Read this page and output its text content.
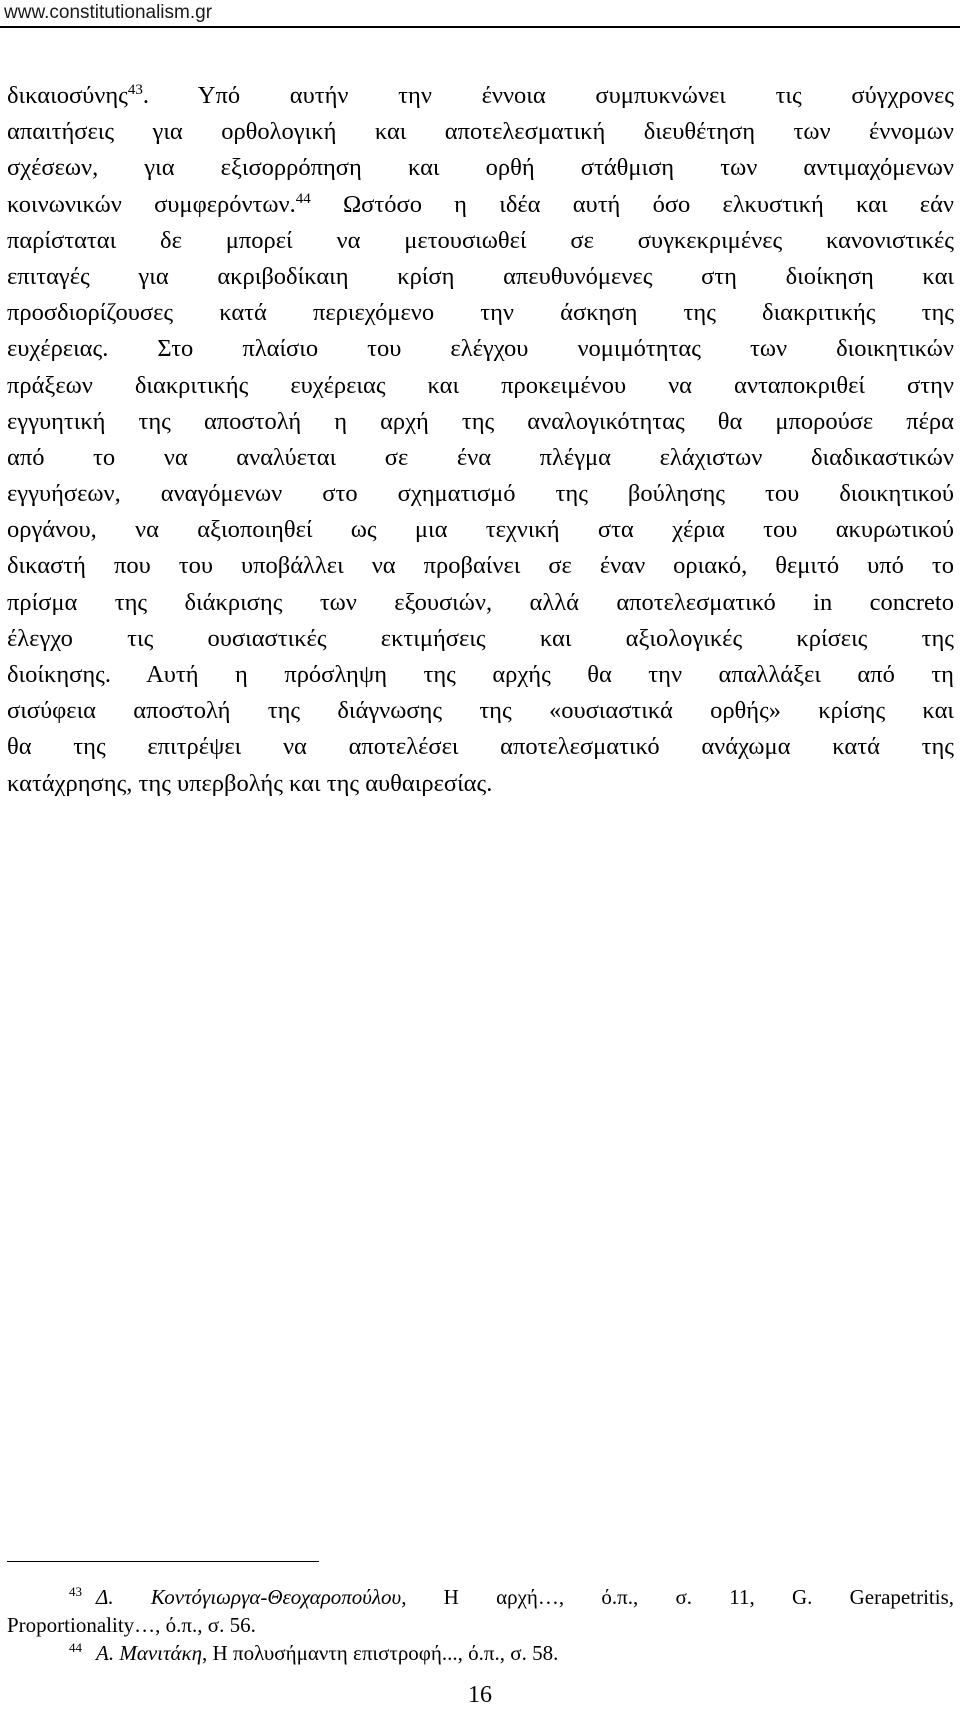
www.constitutionalism.gr
δικαιοσύνης$^{43}$. Υπό αυτήν την έννοια συμπυκνώνει τις σύγχρονες
απαιτήσεις για ορθολογική και αποτελεσματική διευθέτηση των έννομων
σχέσεων, για εξισορρόπηση και ορθή στάθμιση των αντιμαχόμενων
κοινωνικών συμφερόντων.$^{44}$ Ωστόσο η ιδέα αυτή όσο ελκυστική και εάν
παρίσταται δε μπορεί να μετουσιωθεί σε συγκεκριμένες κανονιστικές
επιταγές για ακριβοδίκαιη κρίση απευθυνόμενες στη διοίκηση και
προσδιορίζουσες κατά περιεχόμενο την άσκηση της διακριτικής της
ευχέρειας. Στο πλαίσιο του ελέγχου νομιμότητας των διοικητικών
πράξεων διακριτικής ευχέρειας και προκειμένου να ανταποκριθεί στην
εγγυητική της αποστολή η αρχή της αναλογικότητας θα μπορούσε πέρα
από το να αναλύεται σε ένα πλέγμα ελάχιστων διαδικαστικών
εγγυήσεων, αναγόμενων στο σχηματισμό της βούλησης του διοικητικού
οργάνου, να αξιοποιηθεί ως μια τεχνική στα χέρια του ακυρωτικού
δικαστή που του υποβάλλει να προβαίνει σε έναν οριακό, θεμιτό υπό το
πρίσμα της διάκρισης των εξουσιών, αλλά αποτελεσματικό in concreto
έλεγχο τις ουσιαστικές εκτιμήσεις και αξιολογικές κρίσεις της
διοίκησης. Αυτή η πρόσληψη της αρχής θα την απαλλάξει από τη
σισύφεια αποστολή της διάγνωσης της «ουσιαστικά ορθής» κρίσης και
θα της επιτρέψει να αποτελέσει αποτελεσματικό ανάχωμα κατά της
κατάχρησης, της υπερβολής και της αυθαιρεσίας.
$^{43}$ Δ. Κοντόγιωργα-Θεοχαροπούλου, Η αρχή…, ό.π., σ. 11, G. Gerapetritis,
Proportionality…, ό.π., σ. 56.
$^{44}$ Α. Μανιτάκη, Η πολυσήμαντη επιστροφή..., ό.π., σ. 58.
16
